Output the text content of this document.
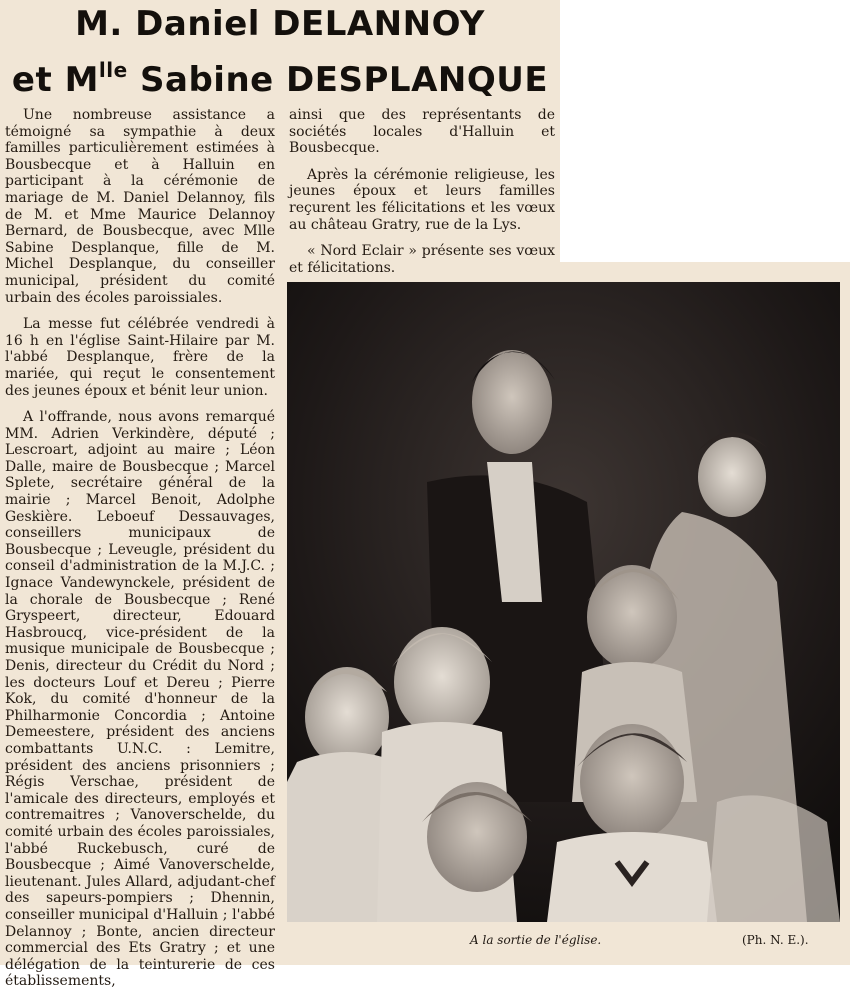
M. Daniel DELANNOY
et $M^{lle}$ Sabine DESPLANQUE

Une nombreuse assistance a témoigné sa sympathie à deux familles particulièrement estimées à Bousbecque et à Halluin en participant à la cérémonie de mariage de M. Daniel Delannoy, fils de M. et Mme Maurice Delannoy Bernard, de Bousbecque, avec Mlle Sabine Desplanque, fille de M. Michel Desplanque, du conseiller municipal, président du comité urbain des écoles paroissiales.

La messe fut célébrée vendredi à 16 h en l'église Saint-Hilaire par M. l'abbé Desplanque, frère de la mariée, qui reçut le consentement des jeunes époux et bénit leur union.

A l'offrande, nous avons remarqué MM. Adrien Verkindère, député ; Lescroart, adjoint au maire ; Léon Dalle, maire de Bousbecque ; Marcel Splete, secrétaire général de la mairie ; Marcel Benoit, Adolphe Geskière. Leboeuf Dessauvages, conseillers municipaux de Bousbecque ; Leveugle, président du conseil d'administration de la M.J.C. ; Ignace Vandewynckele, président de la chorale de Bousbecque ; René Gryspeert, directeur, Edouard Hasbroucq, vice-président de la musique municipale de Bousbecque ; Denis, directeur du Crédit du Nord ; les docteurs Louf et Dereu ; Pierre Kok, du comité d'honneur de la Philharmonie Concordia ; Antoine Demeestere, président des anciens combattants U.N.C. : Lemitre, président des anciens prisonniers ; Régis Verschae, président de l'amicale des directeurs, employés et contremaitres ; Vanoverschelde, du comité urbain des écoles paroissiales, l'abbé Ruckebusch, curé de Bousbecque ; Aimé Vanoverschelde, lieutenant. Jules Allard, adjudant-chef des sapeurs-pompiers ; Dhennin, conseiller municipal d'Halluin ; l'abbé Delannoy ; Bonte, ancien directeur commercial des Ets Gratry ; et une délégation de la teinturerie de ces établissements,

ainsi que des représentants de sociétés locales d'Halluin et Bousbecque.

Après la cérémonie religieuse, les jeunes époux et leurs familles reçurent les félicitations et les vœux au château Gratry, rue de la Lys.

« Nord Eclair » présente ses vœux et félicitations.

A la sortie de l'église.	(Ph. N. E.).
